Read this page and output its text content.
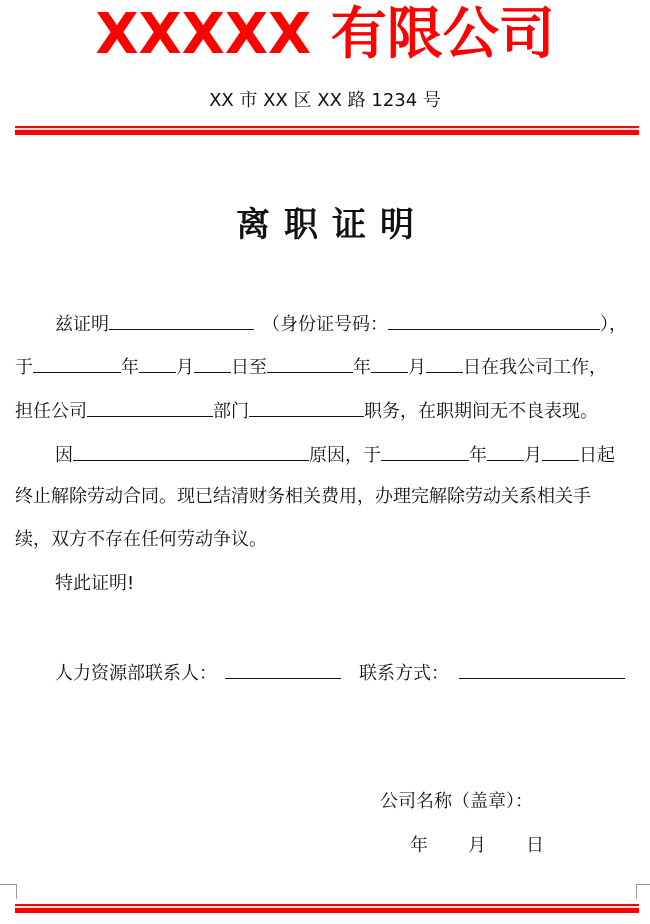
XXXXX 有限公司
XX 市 XX 区 XX 路 1234 号
离职证明
兹证明	（身份证号码：	），
于	年 月 日至	年 月 日在我公司工作，
担任公司	部门	职务，在职期间无不良表现。
因	原因，于	年 月 日起
终止解除劳动合同。现已结清财务相关费用，办理完解除劳动关系相关手
续，双方不存在任何劳动争议。
特此证明!
人力资源部联系人：	联系方式：
公司名称（盖章）：
年 月 日
